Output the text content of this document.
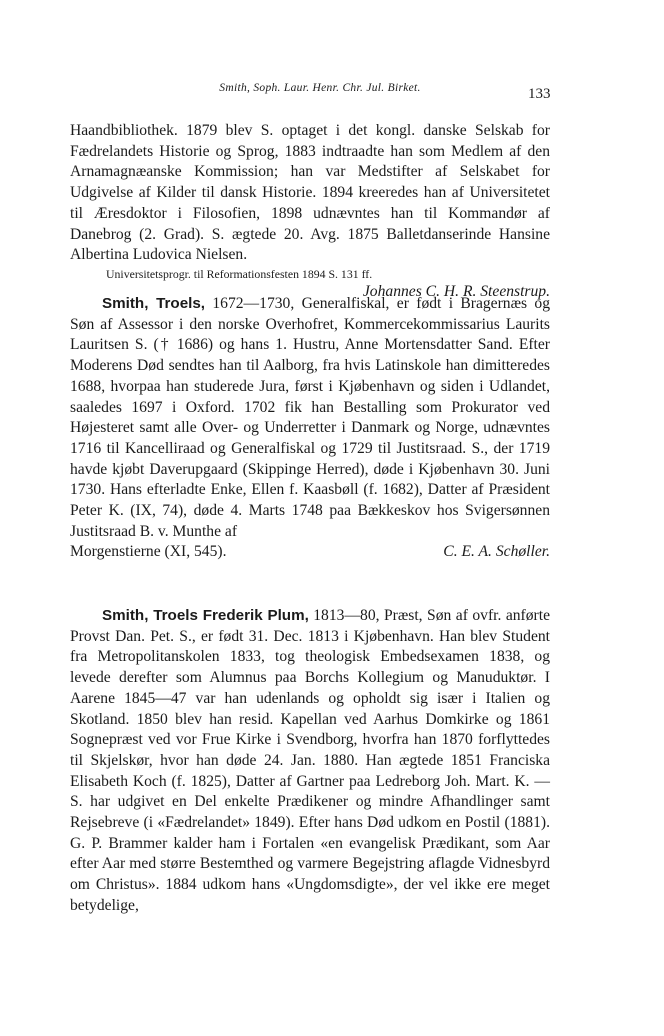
Smith, Soph. Laur. Henr. Chr. Jul. Birket.	133

Haandbibliothek. 1879 blev S. optaget i det kongl. danske Selskab for Fædrelandets Historie og Sprog, 1883 indtraadte han som Medlem af den Arnamagnæanske Kommission; han var Medstifter af Selskabet for Udgivelse af Kilder til dansk Historie. 1894 kreeredes han af Universitetet til Æresdoktor i Filosofien, 1898 udnævntes han til Kommandør af Danebrog (2. Grad). S. ægtede 20. Avg. 1875 Balletdanserinde Hansine Albertina Ludovica Nielsen.

Universitetsprogr. til Reformationsfesten 1894 S. 131 ff.

Johannes C. H. R. Steenstrup.

Smith, Troels, 1672—1730, Generalfiskal, er født i Bragernæs og Søn af Assessor i den norske Overhofret, Kommercekommissarius Laurits Lauritsen S. († 1686) og hans 1. Hustru, Anne Mortensdatter Sand. Efter Moderens Død sendtes han til Aalborg, fra hvis Latinskole han dimitteredes 1688, hvorpaa han studerede Jura, først i Kjøbenhavn og siden i Udlandet, saaledes 1697 i Oxford. 1702 fik han Bestalling som Prokurator ved Højesteret samt alle Over- og Underretter i Danmark og Norge, udnævntes 1716 til Kancelliraad og Generalfiskal og 1729 til Justitsraad. S., der 1719 havde kjøbt Daverupgaard (Skippinge Herred), døde i Kjøbenhavn 30. Juni 1730. Hans efterladte Enke, Ellen f. Kaasbøll (f. 1682), Datter af Præsident Peter K. (IX, 74), døde 4. Marts 1748 paa Bækkeskov hos Svigersønnen Justitsraad B. v. Munthe af

Morgenstierne (XI, 545).	C. E. A. Schøller.

Smith, Troels Frederik Plum, 1813—80, Præst, Søn af ovfr. anførte Provst Dan. Pet. S., er født 31. Dec. 1813 i Kjøbenhavn. Han blev Student fra Metropolitanskolen 1833, tog theologisk Embedsexamen 1838, og levede derefter som Alumnus paa Borchs Kollegium og Manuduktør. I Aarene 1845—47 var han udenlands og opholdt sig især i Italien og Skotland. 1850 blev han resid. Kapellan ved Aarhus Domkirke og 1861 Sognepræst ved vor Frue Kirke i Svendborg, hvorfra han 1870 forflyttedes til Skjelskør, hvor han døde 24. Jan. 1880. Han ægtede 1851 Franciska Elisabeth Koch (f. 1825), Datter af Gartner paa Ledreborg Joh. Mart. K. — S. har udgivet en Del enkelte Prædikener og mindre Afhandlinger samt Rejsebreve (i «Fædrelandet» 1849). Efter hans Død udkom en Postil (1881). G. P. Brammer kalder ham i Fortalen «en evangelisk Prædikant, som Aar efter Aar med større Bestemthed og varmere Begejstring aflagde Vidnesbyrd om Christus». 1884 udkom hans «Ungdomsdigte», der vel ikke ere meget betydelige,
